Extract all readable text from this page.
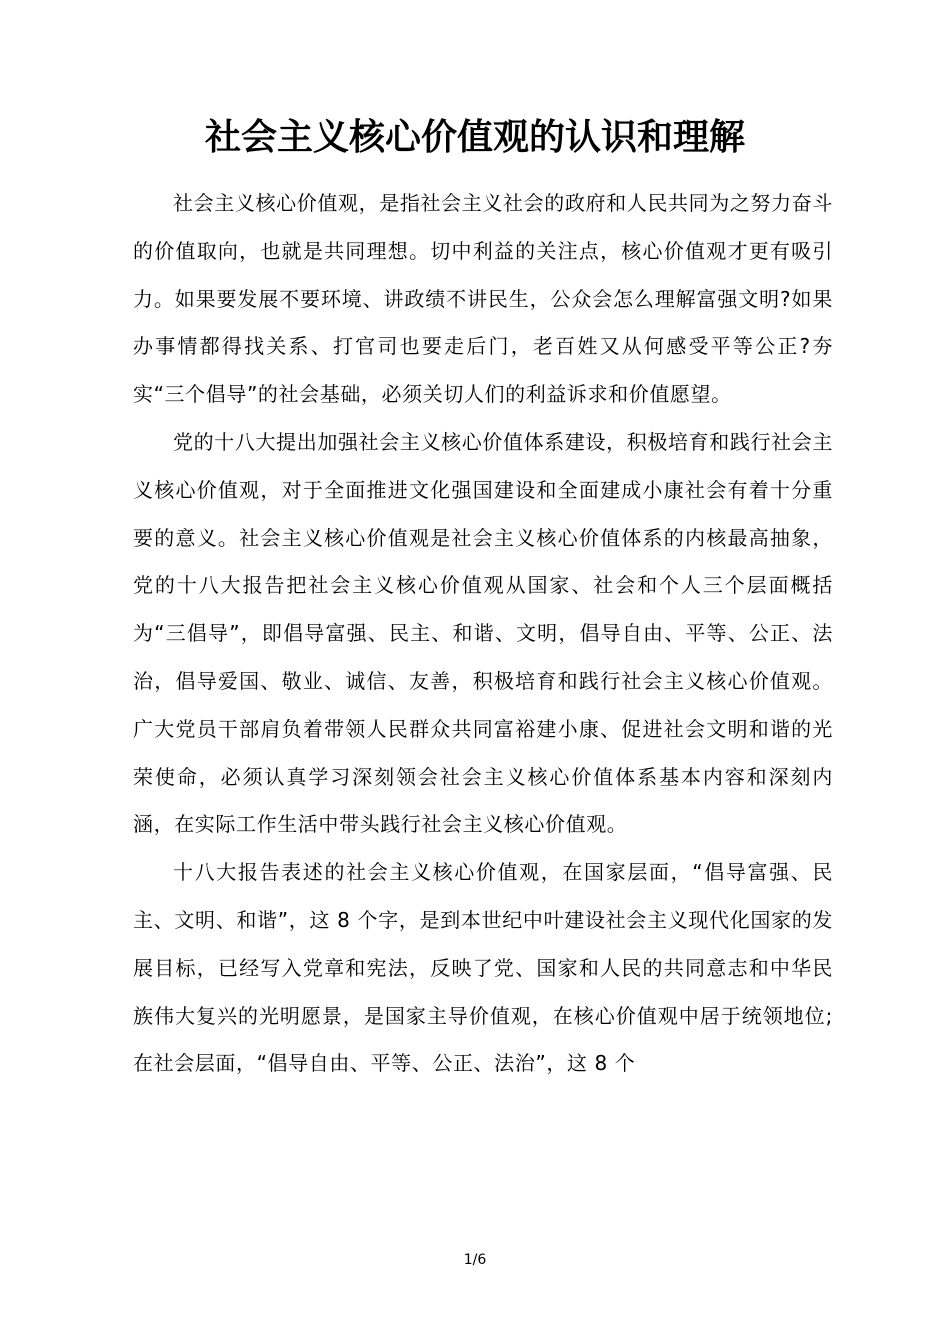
社会主义核心价值观的认识和理解

社会主义核心价值观，是指社会主义社会的政府和人民共同为之努力奋斗的价值取向，也就是共同理想。切中利益的关注点，核心价值观才更有吸引力。如果要发展不要环境、讲政绩不讲民生，公众会怎么理解富强文明?如果办事情都得找关系、打官司也要走后门，老百姓又从何感受平等公正?夯实“三个倡导”的社会基础，必须关切人们的利益诉求和价值愿望。

党的十八大提出加强社会主义核心价值体系建设，积极培育和践行社会主义核心价值观，对于全面推进文化强国建设和全面建成小康社会有着十分重要的意义。社会主义核心价值观是社会主义核心价值体系的内核最高抽象，党的十八大报告把社会主义核心价值观从国家、社会和个人三个层面概括为“三倡导”，即倡导富强、民主、和谐、文明，倡导自由、平等、公正、法治，倡导爱国、敬业、诚信、友善，积极培育和践行社会主义核心价值观。广大党员干部肩负着带领人民群众共同富裕建小康、促进社会文明和谐的光荣使命，必须认真学习深刻领会社会主义核心价值体系基本内容和深刻内涵，在实际工作生活中带头践行社会主义核心价值观。

十八大报告表述的社会主义核心价值观，在国家层面，“倡导富强、民主、文明、和谐”，这 8 个字，是到本世纪中叶建设社会主义现代化国家的发展目标，已经写入党章和宪法，反映了党、国家和人民的共同意志和中华民族伟大复兴的光明愿景，是国家主导价值观，在核心价值观中居于统领地位;在社会层面，“倡导自由、平等、公正、法治”，这 8 个

1/6
